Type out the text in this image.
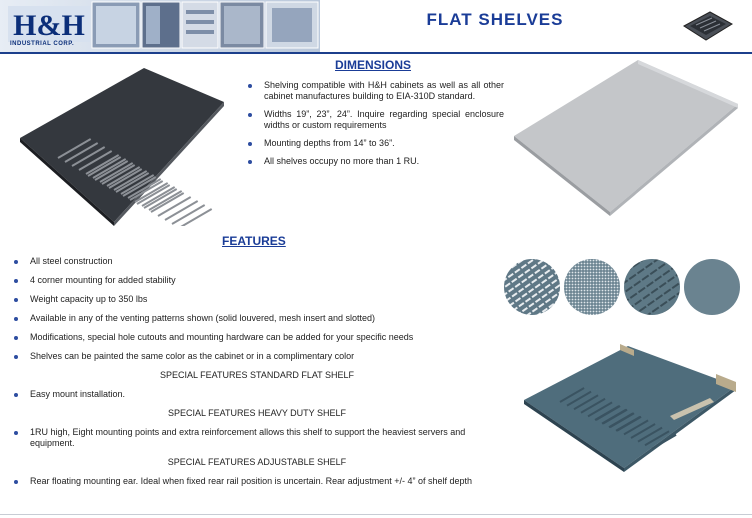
H&H
INDUSTRIAL CORP.
FLAT SHELVES
DIMENSIONS
Shelving compatible with H&H cabinets as well as all other cabinet manufactures building to EIA-310D standard.
Widths 19”, 23”, 24”. Inquire regarding special enclosure widths or custom requirements
Mounting depths from 14” to 36”.
All shelves occupy no more than 1 RU.
FEATURES
All steel construction
4 corner mounting for added stability
Weight capacity up to 350 lbs
Available in any of the venting patterns shown (solid louvered, mesh insert and slotted)
Modifications, special hole cutouts and mounting hardware can be added for your specific needs
Shelves can be painted the same color as the cabinet or in a complimentary color
SPECIAL FEATURES STANDARD FLAT SHELF
Easy mount installation.
SPECIAL FEATURES HEAVY DUTY SHELF
1RU high, Eight mounting points and extra reinforcement allows this shelf to support the heaviest servers and equipment.
SPECIAL FEATURES ADJUSTABLE SHELF
Rear floating mounting ear. Ideal when fixed rear rail position is uncertain. Rear adjustment +/- 4” of shelf depth
